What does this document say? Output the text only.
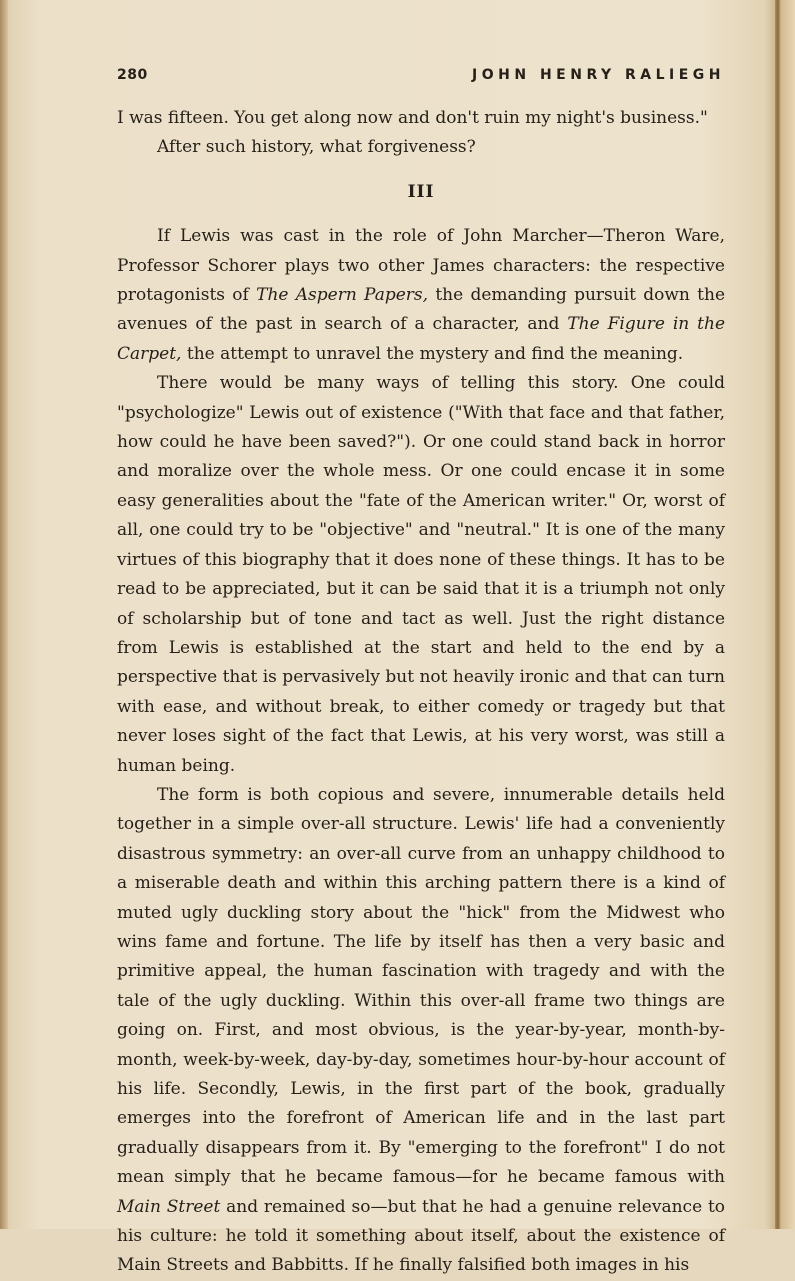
280	JOHN HENRY RALIEGH

I was fifteen. You get along now and don't ruin my night's business."

After such history, what forgiveness?

III

If Lewis was cast in the role of John Marcher—Theron Ware, Professor Schorer plays two other James characters: the respective protagonists of The Aspern Papers, the demanding pursuit down the avenues of the past in search of a character, and The Figure in the Carpet, the attempt to unravel the mystery and find the meaning.

There would be many ways of telling this story. One could "psychologize" Lewis out of existence ("With that face and that father, how could he have been saved?"). Or one could stand back in horror and moralize over the whole mess. Or one could encase it in some easy generalities about the "fate of the American writer." Or, worst of all, one could try to be "objective" and "neutral." It is one of the many virtues of this biography that it does none of these things. It has to be read to be appreciated, but it can be said that it is a triumph not only of scholarship but of tone and tact as well. Just the right distance from Lewis is established at the start and held to the end by a perspective that is pervasively but not heavily ironic and that can turn with ease, and without break, to either comedy or tragedy but that never loses sight of the fact that Lewis, at his very worst, was still a human being.

The form is both copious and severe, innumerable details held together in a simple over-all structure. Lewis' life had a conveniently disastrous symmetry: an over-all curve from an unhappy childhood to a miserable death and within this arching pattern there is a kind of muted ugly duckling story about the "hick" from the Midwest who wins fame and fortune. The life by itself has then a very basic and primitive appeal, the human fascination with tragedy and with the tale of the ugly duckling. Within this over-all frame two things are going on. First, and most obvious, is the year-by-year, month-by-month, week-by-week, day-by-day, sometimes hour-by-hour account of his life. Secondly, Lewis, in the first part of the book, gradually emerges into the forefront of American life and in the last part gradually disappears from it. By "emerging to the forefront" I do not mean simply that he became famous—for he became famous with Main Street and remained so—but that he had a genuine relevance to his culture: he told it something about itself, about the existence of Main Streets and Babbitts. If he finally falsified both images in his
